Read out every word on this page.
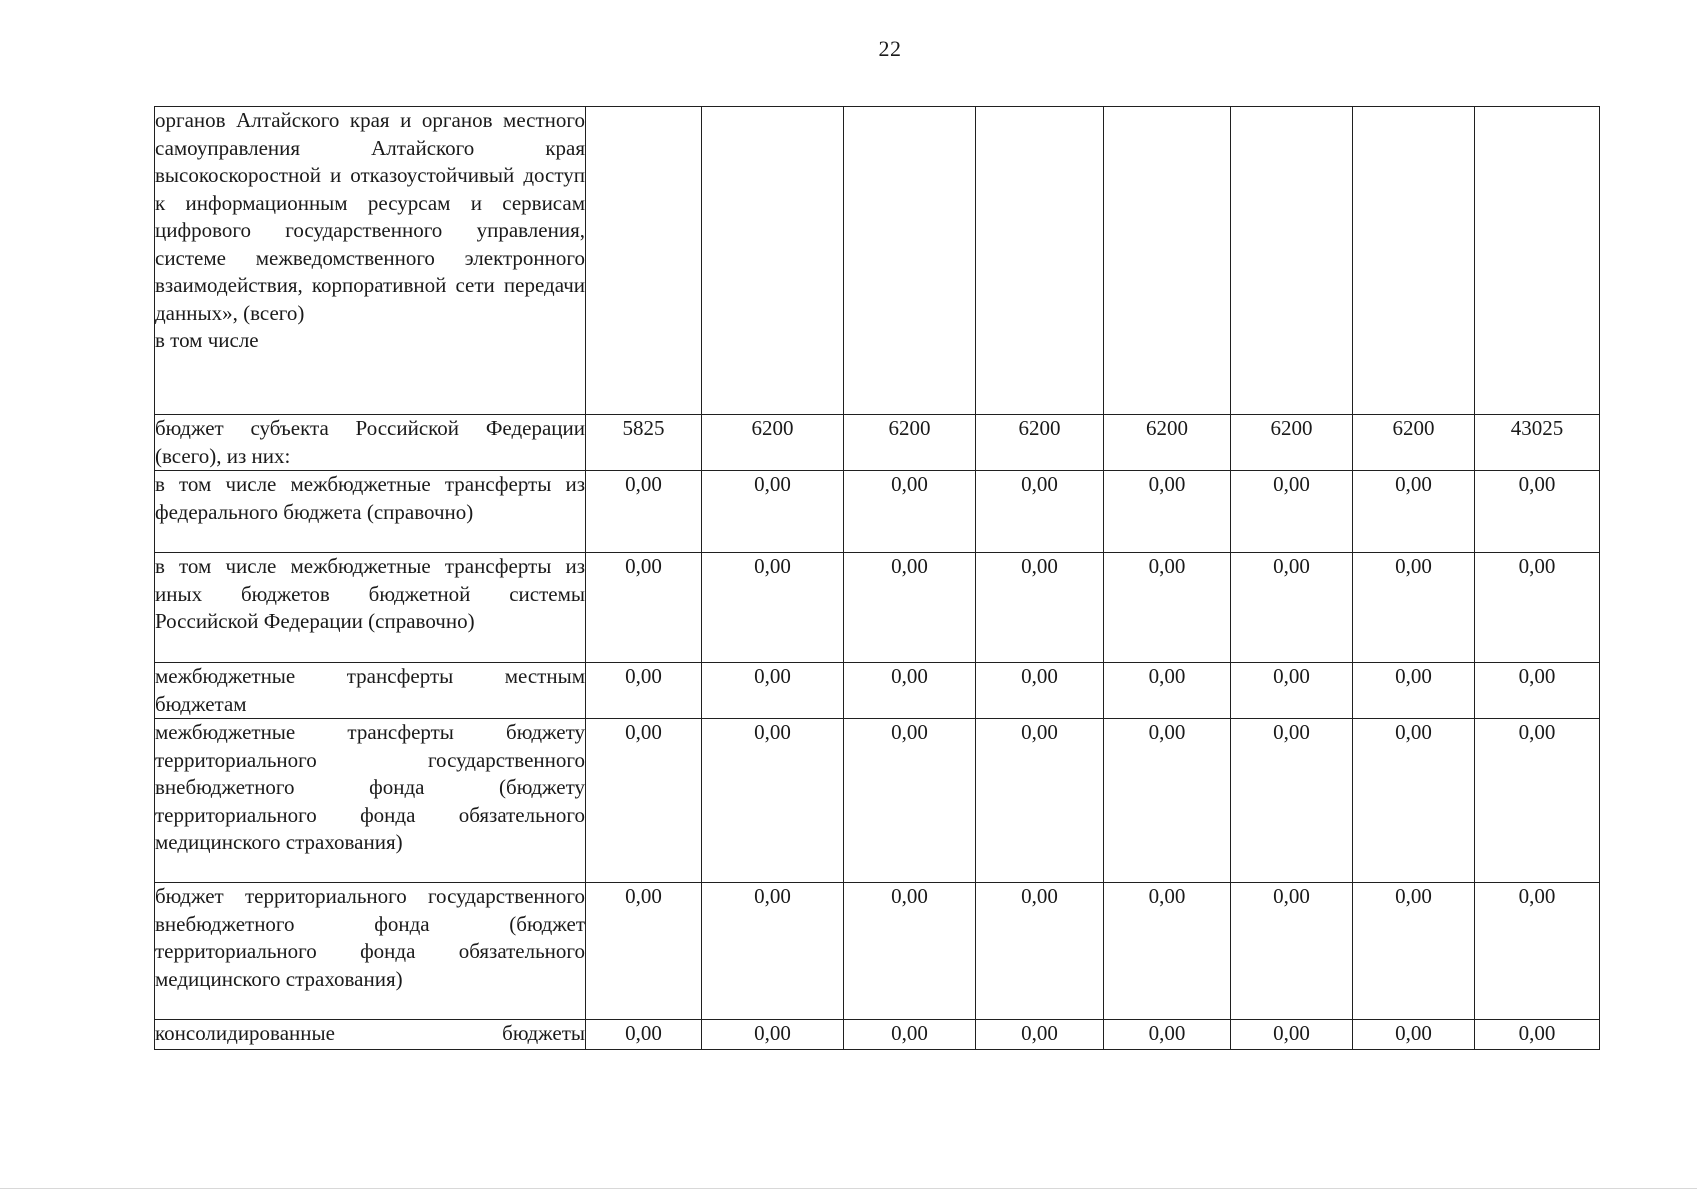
22
органов Алтайского края и органов местного самоуправления Алтайского края высокоскоростной и отказоустойчивый доступ к информационным ресурсам и сервисам цифрового государственного управления, системе межведомственного электронного взаимодействия, корпоративной сети передачи данных», (всего)
в том числе								

бюджет субъекта Российской Федерации (всего), из них:	5825	6200	6200	6200	6200	6200	6200	43025
в том числе межбюджетные трансферты из федерального бюджета (справочно)	0,00	0,00	0,00	0,00	0,00	0,00	0,00	0,00
в том числе межбюджетные трансферты из иных бюджетов бюджетной системы Российской Федерации (справочно)	0,00	0,00	0,00	0,00	0,00	0,00	0,00	0,00
межбюджетные трансферты местным бюджетам	0,00	0,00	0,00	0,00	0,00	0,00	0,00	0,00
межбюджетные трансферты бюджету территориального государственного внебюджетного фонда (бюджету территориального фонда обязательного медицинского страхования)	0,00	0,00	0,00	0,00	0,00	0,00	0,00	0,00
бюджет территориального государственного внебюджетного фонда (бюджет территориального фонда обязательного медицинского страхования)	0,00	0,00	0,00	0,00	0,00	0,00	0,00	0,00
консолидированные бюджеты	0,00	0,00	0,00	0,00	0,00	0,00	0,00	0,00
